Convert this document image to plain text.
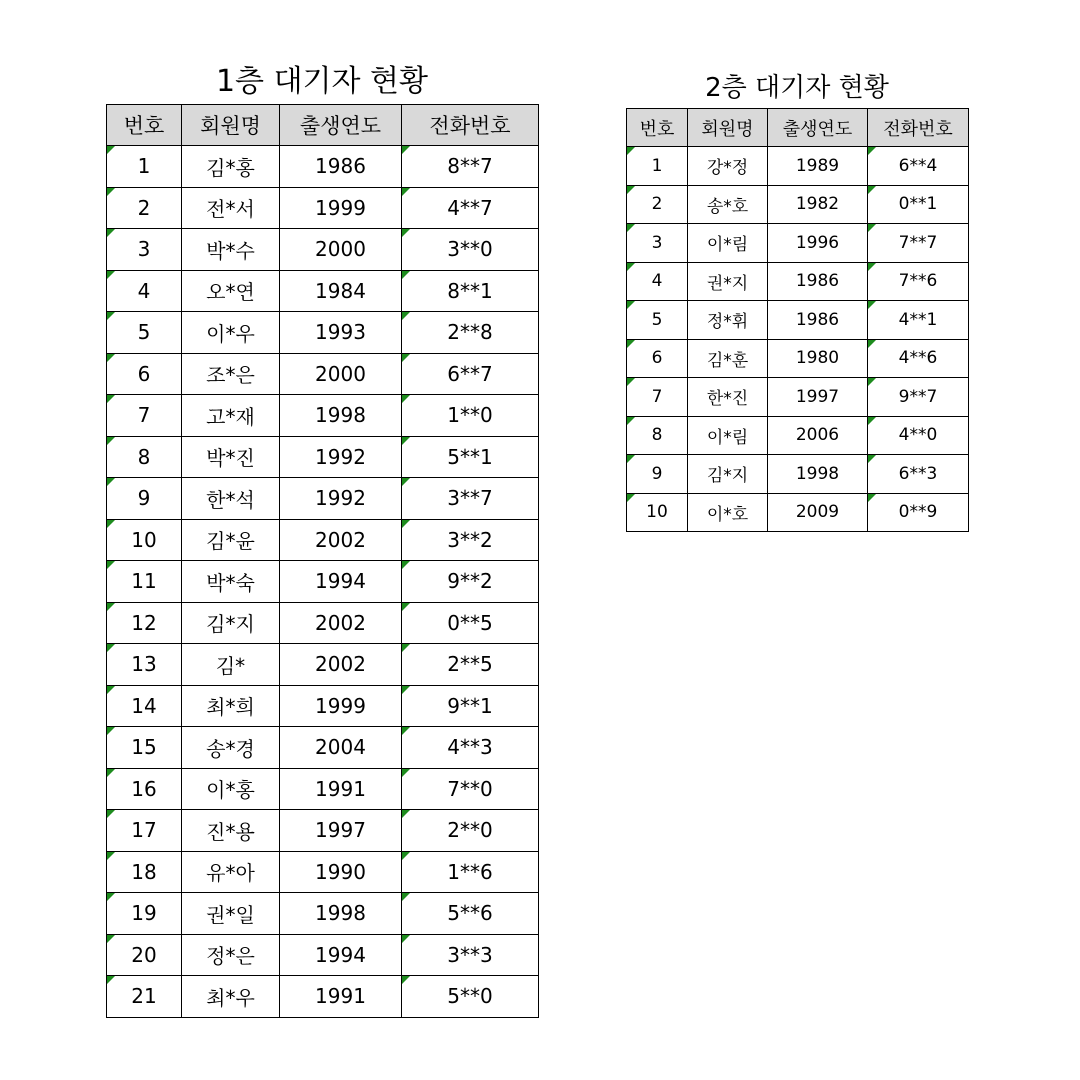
1층 대기자 현황
번호	회원명	출생연도	전화번호
1	김*홍	1986	8**7
2	전*서	1999	4**7
3	박*수	2000	3**0
4	오*연	1984	8**1
5	이*우	1993	2**8
6	조*은	2000	6**7
7	고*재	1998	1**0
8	박*진	1992	5**1
9	한*석	1992	3**7
10	김*윤	2002	3**2
11	박*숙	1994	9**2
12	김*지	2002	0**5
13	김*	2002	2**5
14	최*희	1999	9**1
15	송*경	2004	4**3
16	이*홍	1991	7**0
17	진*용	1997	2**0
18	유*아	1990	1**6
19	권*일	1998	5**6
20	정*은	1994	3**3
21	최*우	1991	5**0
2층 대기자 현황
번호	회원명	출생연도	전화번호
1	강*정	1989	6**4
2	송*호	1982	0**1
3	이*림	1996	7**7
4	권*지	1986	7**6
5	정*휘	1986	4**1
6	김*훈	1980	4**6
7	한*진	1997	9**7
8	이*림	2006	4**0
9	김*지	1998	6**3
10	이*호	2009	0**9
